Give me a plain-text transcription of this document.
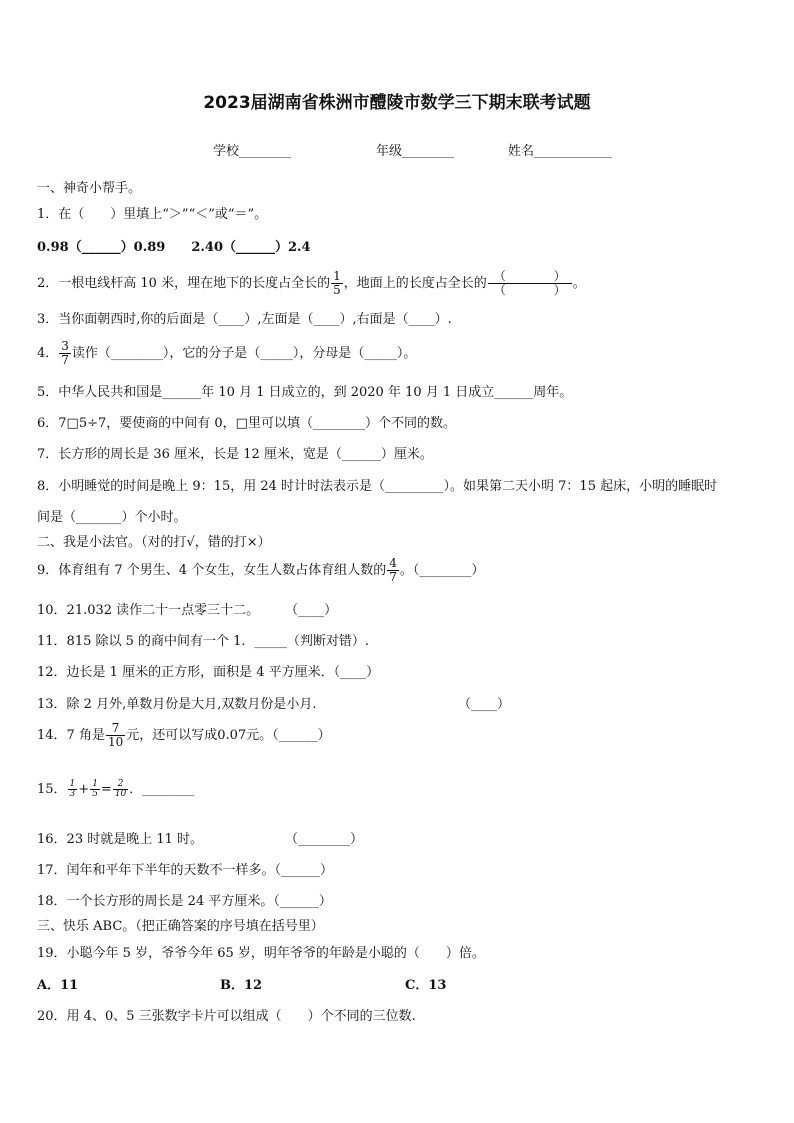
2023届湖南省株洲市醴陵市数学三下期末联考试题
学校________	年级________	姓名____________
一、神奇小帮手。
1．在（　　）里填上“＞”“＜”或“＝”。
0.98（______）0.89　　2.40（______）2.4
2．一根电线杆高 10 米，埋在地下的长度占全长的 $\frac{1}{5}$ ，地面上的长度占全长的 $\frac{( )}{( )}$ 。
3．当你面朝西时,你的后面是（____）,左面是（____）,右面是（____）.
4． $\frac{3}{7}$ 读作（________），它的分子是（_____），分母是（_____）。
5．中华人民共和国是______年 10 月 1 日成立的，到 2020 年 10 月 1 日成立______周年。
6．7□5÷7，要使商的中间有 0，□里可以填（________）个不同的数。
7．长方形的周长是 36 厘米，长是 12 厘米，宽是（______）厘米。
8．小明睡觉的时间是晚上 9：15，用 24 时计时法表示是（_________）。如果第二天小明 7：15 起床，小明的睡眠时
间是（_______）个小时。
二、我是小法官。（对的打√，错的打×）
9．体育组有 7 个男生、4 个女生，女生人数占体育组人数的 $\frac{4}{7}$ 。（________）
10．21.032 读作二十一点零三十二。　　　（____）
11．815 除以 5 的商中间有一个 1．_____（判断对错）.
12．边长是 1 厘米的正方形，面积是 4 平方厘米．（____）
13．除 2 月外,单数月份是大月,双数月份是小月.	（____）
14．7 角是 $\frac{7}{10}$ 元，还可以写成0.07元。（______）
15． $\frac{1}{3} + \frac{1}{5} = \frac{2}{10}$ ．________
16．23 时就是晚上 11 时。	（________）
17．闰年和平年下半年的天数不一样多。（______）
18．一个长方形的周长是 24 平方厘米。（______）
三、快乐 ABC。（把正确答案的序号填在括号里）
19．小聪今年 5 岁，爷爷今年 65 岁，明年爷爷的年龄是小聪的（　　）倍。
A．11	B．12	C．13
20．用 4、0、5 三张数字卡片可以组成（　　）个不同的三位数.
